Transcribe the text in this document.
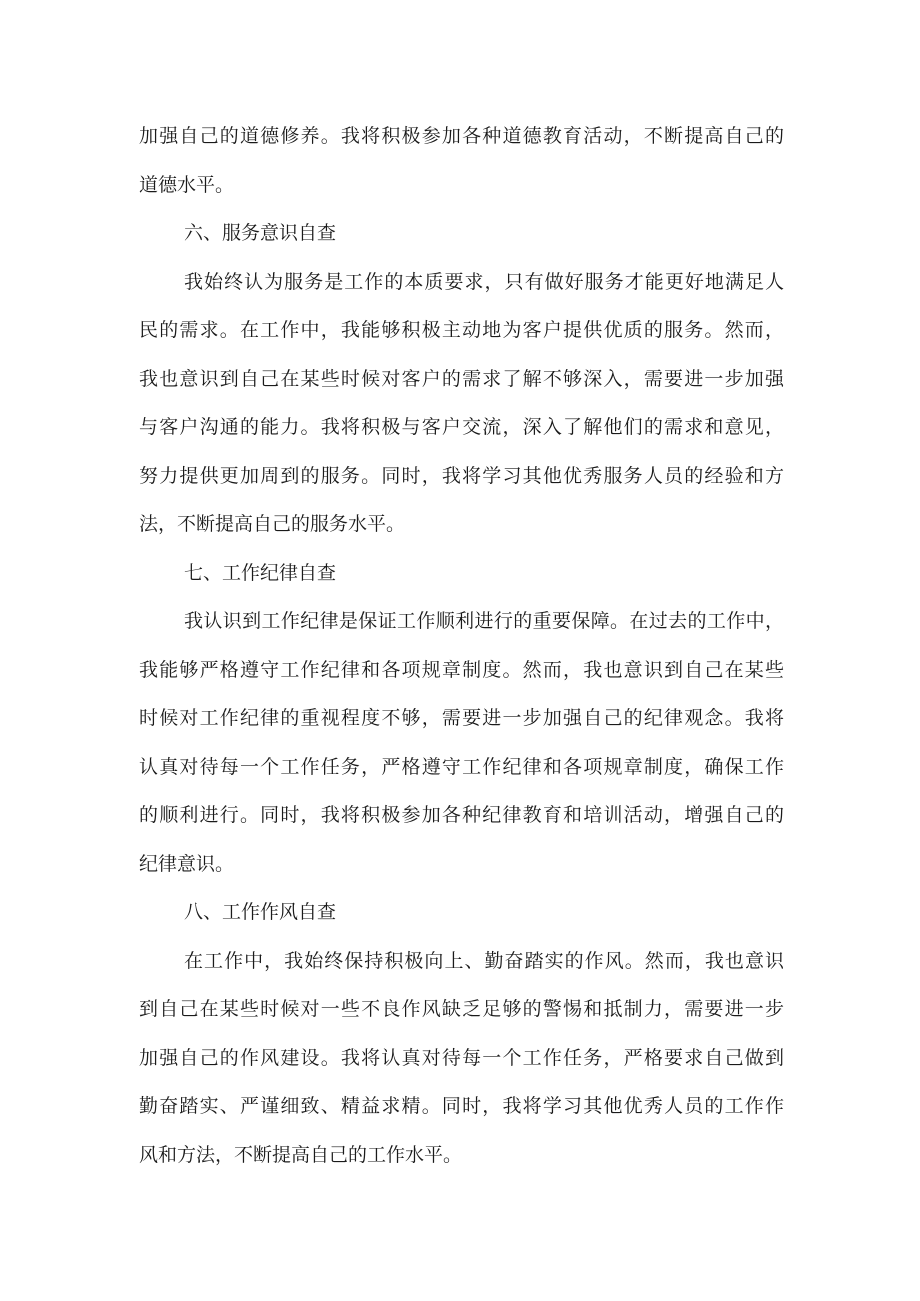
加强自己的道德修养。我将积极参加各种道德教育活动，不断提高自己的
道德水平。
六、服务意识自查
我始终认为服务是工作的本质要求，只有做好服务才能更好地满足人
民的需求。在工作中，我能够积极主动地为客户提供优质的服务。然而，
我也意识到自己在某些时候对客户的需求了解不够深入，需要进一步加强
与客户沟通的能力。我将积极与客户交流，深入了解他们的需求和意见，
努力提供更加周到的服务。同时，我将学习其他优秀服务人员的经验和方
法，不断提高自己的服务水平。
七、工作纪律自查
我认识到工作纪律是保证工作顺利进行的重要保障。在过去的工作中，
我能够严格遵守工作纪律和各项规章制度。然而，我也意识到自己在某些
时候对工作纪律的重视程度不够，需要进一步加强自己的纪律观念。我将
认真对待每一个工作任务，严格遵守工作纪律和各项规章制度，确保工作
的顺利进行。同时，我将积极参加各种纪律教育和培训活动，增强自己的
纪律意识。
八、工作作风自查
在工作中，我始终保持积极向上、勤奋踏实的作风。然而，我也意识
到自己在某些时候对一些不良作风缺乏足够的警惕和抵制力，需要进一步
加强自己的作风建设。我将认真对待每一个工作任务，严格要求自己做到
勤奋踏实、严谨细致、精益求精。同时，我将学习其他优秀人员的工作作
风和方法，不断提高自己的工作水平。
